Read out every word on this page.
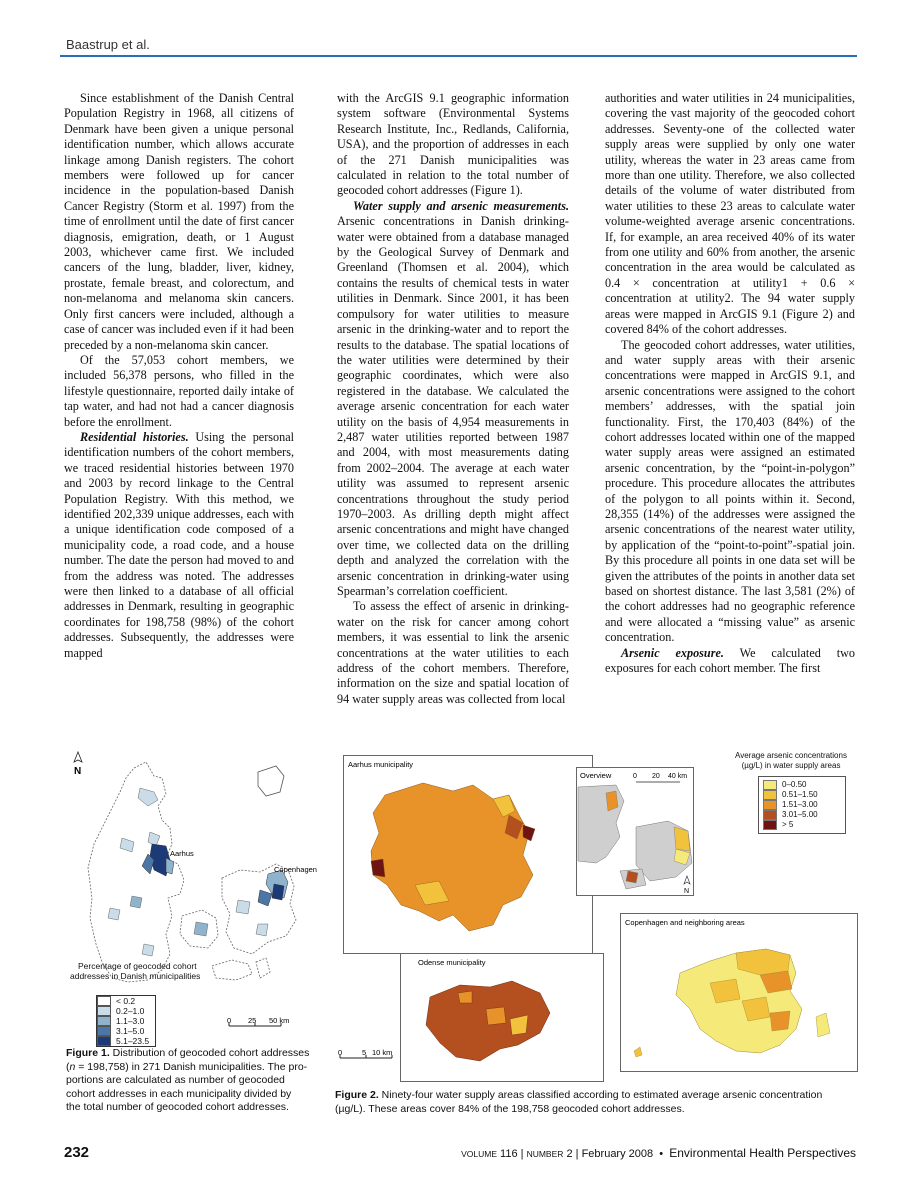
Baastrup et al.

Since establishment of the Danish Central Population Registry in 1968, all citizens of Denmark have been given a unique personal identification number, which allows accurate linkage among Danish registers. The cohort members were followed up for cancer incidence in the population-based Danish Cancer Registry (Storm et al. 1997) from the time of enrollment until the date of first cancer diagnosis, emigration, death, or 1 August 2003, whichever came first. We included cancers of the lung, bladder, liver, kidney, prostate, female breast, and colorectum, and non-melanoma and melanoma skin cancers. Only first cancers were included, although a case of cancer was included even if it had been preceded by a non-melanoma skin cancer.

Of the 57,053 cohort members, we included 56,378 persons, who filled in the lifestyle questionnaire, reported daily intake of tap water, and had not had a cancer diagnosis before the enrollment.

Residential histories. Using the personal identification numbers of the cohort members, we traced residential histories between 1970 and 2003 by record linkage to the Central Population Registry. With this method, we identified 202,339 unique addresses, each with a unique identification code composed of a municipality code, a road code, and a house number. The date the person had moved to and from the address was noted. The addresses were then linked to a database of all official addresses in Denmark, resulting in geographic coordinates for 198,758 (98%) of the cohort addresses. Subsequently, the addresses were mapped

with the ArcGIS 9.1 geographic information system software (Environmental Systems Research Institute, Inc., Redlands, California, USA), and the proportion of addresses in each of the 271 Danish municipalities was calculated in relation to the total number of geocoded cohort addresses (Figure 1).

Water supply and arsenic measurements. Arsenic concentrations in Danish drinking-water were obtained from a database managed by the Geological Survey of Denmark and Greenland (Thomsen et al. 2004), which contains the results of chemical tests in water utilities in Denmark. Since 2001, it has been compulsory for water utilities to measure arsenic in the drinking-water and to report the results to the database. The spatial locations of the water utilities were determined by their geographic coordinates, which were also registered in the database. We calculated the average arsenic concentration for each water utility on the basis of 4,954 measurements in 2,487 water utilities reported between 1987 and 2004, with most measurements dating from 2002–2004. The average at each water utility was assumed to represent arsenic concentrations throughout the study period 1970–2003. As drilling depth might affect arsenic concentrations and might have changed over time, we collected data on the drilling depth and analyzed the correlation with the arsenic concentration in drinking-water using Spearman’s correlation coefficient.

To assess the effect of arsenic in drinking-water on the risk for cancer among cohort members, it was essential to link the arsenic concentrations at the water utilities to each address of the cohort members. Therefore, information on the size and spatial location of 94 water supply areas was collected from local

authorities and water utilities in 24 municipalities, covering the vast majority of the geocoded cohort addresses. Seventy-one of the collected water supply areas were supplied by only one water utility, whereas the water in 23 areas came from more than one utility. Therefore, we also collected details of the volume of water distributed from water utilities to these 23 areas to calculate water volume-weighted average arsenic concentrations. If, for example, an area received 40% of its water from one utility and 60% from another, the arsenic concentration in the area would be calculated as 0.4 × concentration at utility1 + 0.6 × concentration at utility2. The 94 water supply areas were mapped in ArcGIS 9.1 (Figure 2) and covered 84% of the cohort addresses.

The geocoded cohort addresses, water utilities, and water supply areas with their arsenic concentrations were mapped in ArcGIS 9.1, and arsenic concentrations were assigned to the cohort members’ addresses, with the spatial join functionality. First, the 170,403 (84%) of the cohort addresses located within one of the mapped water supply areas were assigned an estimated arsenic concentration, by the “point-in-polygon” procedure. This procedure allocates the attributes of the polygon to all points within it. Second, 28,355 (14%) of the addresses were assigned the arsenic concentrations of the nearest water utility, by application of the “point-to-point”-spatial join. By this procedure all points in one data set will be given the attributes of the points in another data set based on shortest distance. The last 3,581 (2%) of the cohort addresses had no geographic reference and were allocated a “missing value” as arsenic concentration.

Arsenic exposure. We calculated two exposures for each cohort member. The first

N
Aarhus
Copenhagen
Percentage of geocoded cohort
addresses in Danish municipalities
< 0.2
0.2–1.0
1.1–3.0
3.1–5.0
5.1–23.5
0 25 50 km
Figure 1. Distribution of geocoded cohort addresses
(n = 198,758) in 271 Danish municipalities. The pro-
portions are calculated as number of geocoded
cohort addresses in each municipality divided by
the total number of geocoded cohort addresses.
Aarhus municipality
Overview
N
0 20 40 km
Average arsenic concentrations
(µg/L) in water supply areas
0–0.50
0.51–1.50
1.51–3.00
3.01–5.00
> 5
Copenhagen and neighboring areas
Odense municipality
0	5 10 km
Figure 2. Ninety-four water supply areas classified according to estimated average arsenic concentration
(µg/L). These areas cover 84% of the 198,758 geocoded cohort addresses.
232	VOLUME 116 | NUMBER 2 | February 2008 • Environmental Health Perspectives
